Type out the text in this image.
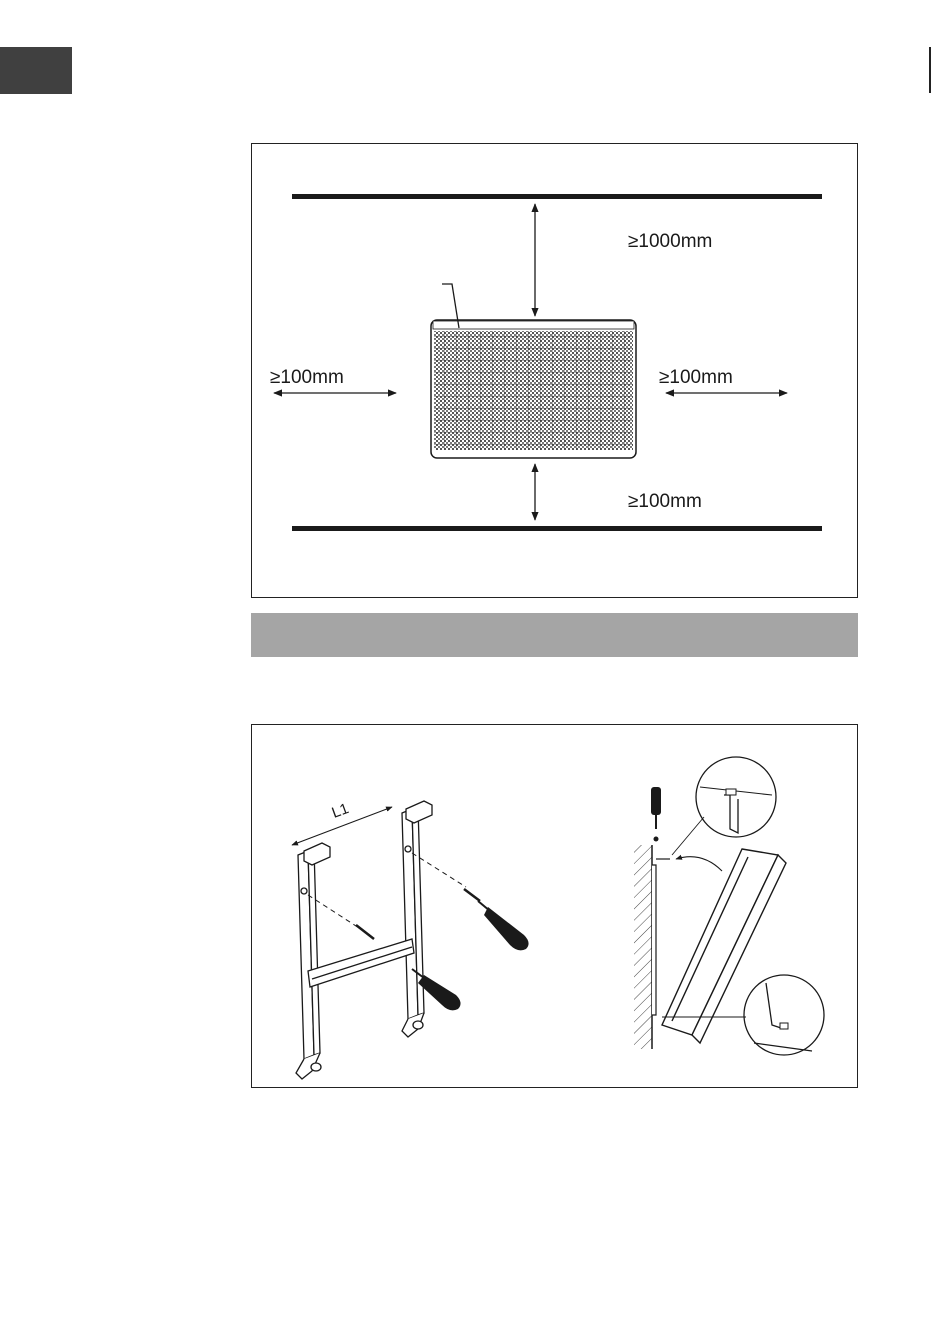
≥1000mm
≥100mm	≥100mm
≥100mm
L1
